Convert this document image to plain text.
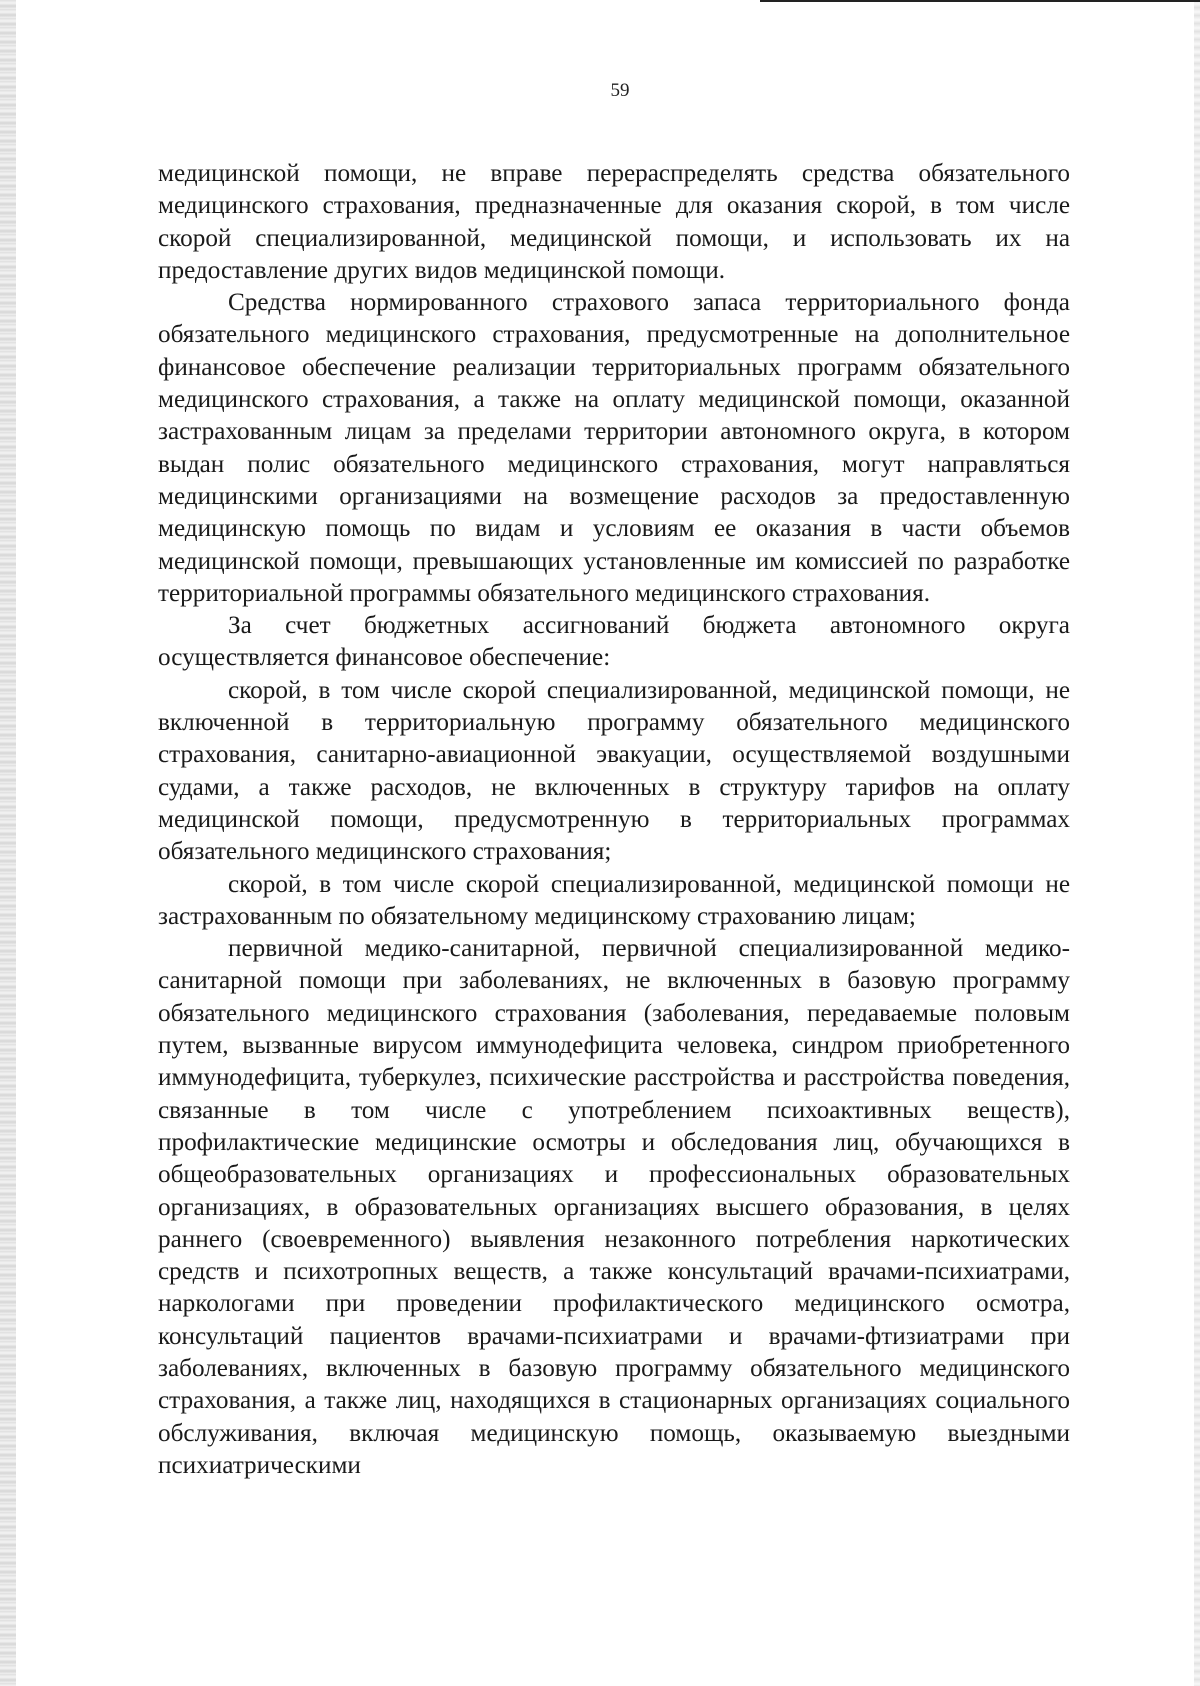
59

медицинской помощи, не вправе перераспределять средства обязательного медицинского страхования, предназначенные для оказания скорой, в том числе скорой специализированной, медицинской помощи, и использовать их на предоставление других видов медицинской помощи.

Средства нормированного страхового запаса территориального фонда обязательного медицинского страхования, предусмотренные на дополнительное финансовое обеспечение реализации территориальных программ обязательного медицинского страхования, а также на оплату медицинской помощи, оказанной застрахованным лицам за пределами территории автономного округа, в котором выдан полис обязательного медицинского страхования, могут направляться медицинскими организациями на возмещение расходов за предоставленную медицинскую помощь по видам и условиям ее оказания в части объемов медицинской помощи, превышающих установленные им комиссией по разработке территориальной программы обязательного медицинского страхования.

За счет бюджетных ассигнований бюджета автономного округа осуществляется финансовое обеспечение:

скорой, в том числе скорой специализированной, медицинской помощи, не включенной в территориальную программу обязательного медицинского страхования, санитарно-авиационной эвакуации, осуществляемой воздушными судами, а также расходов, не включенных в структуру тарифов на оплату медицинской помощи, предусмотренную в территориальных программах обязательного медицинского страхования;

скорой, в том числе скорой специализированной, медицинской помощи не застрахованным по обязательному медицинскому страхованию лицам;

первичной медико-санитарной, первичной специализированной медико-санитарной помощи при заболеваниях, не включенных в базовую программу обязательного медицинского страхования (заболевания, передаваемые половым путем, вызванные вирусом иммунодефицита человека, синдром приобретенного иммунодефицита, туберкулез, психические расстройства и расстройства поведения, связанные в том числе с употреблением психоактивных веществ), профилактические медицинские осмотры и обследования лиц, обучающихся в общеобразовательных организациях и профессиональных образовательных организациях, в образовательных организациях высшего образования, в целях раннего (своевременного) выявления незаконного потребления наркотических средств и психотропных веществ, а также консультаций врачами-психиатрами, наркологами при проведении профилактического медицинского осмотра, консультаций пациентов врачами-психиатрами и врачами-фтизиатрами при заболеваниях, включенных в базовую программу обязательного медицинского страхования, а также лиц, находящихся в стационарных организациях социального обслуживания, включая медицинскую помощь, оказываемую выездными психиатрическими
